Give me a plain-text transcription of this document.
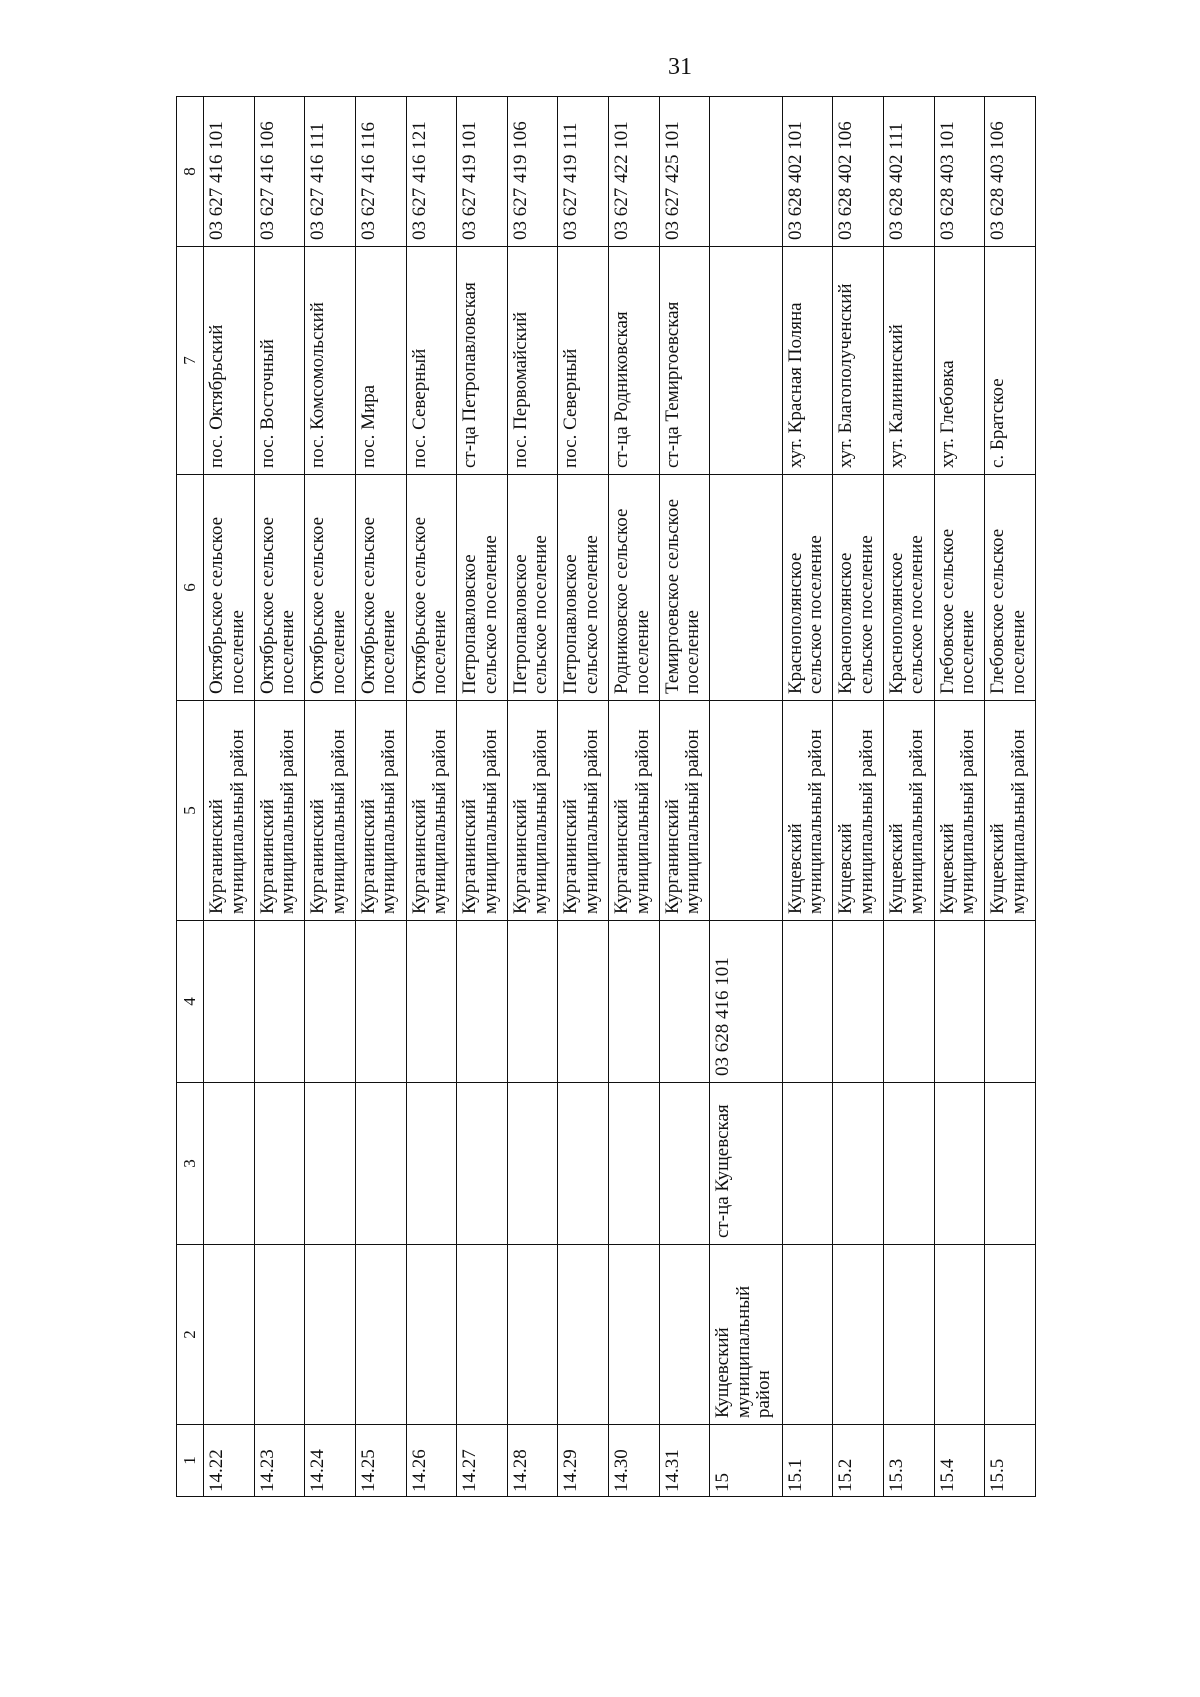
31
1	2	3	4	5	6	7	8
14.22				Курганинский муниципальный район	Октябрьское сельское поселение	пос. Октябрьский	03 627 416 101
14.23				Курганинский муниципальный район	Октябрьское сельское поселение	пос. Восточный	03 627 416 106
14.24				Курганинский муниципальный район	Октябрьское сельское поселение	пос. Комсомольский	03 627 416 111
14.25				Курганинский муниципальный район	Октябрьское сельское поселение	пос. Мира	03 627 416 116
14.26				Курганинский муниципальный район	Октябрьское сельское поселение	пос. Северный	03 627 416 121
14.27				Курганинский муниципальный район	Петропавловское сельское поселение	ст-ца Петропавловская	03 627 419 101
14.28				Курганинский муниципальный район	Петропавловское сельское поселение	пос. Первомайский	03 627 419 106
14.29				Курганинский муниципальный район	Петропавловское сельское поселение	пос. Северный	03 627 419 111
14.30				Курганинский муниципальный район	Родниковское сельское поселение	ст-ца Родниковская	03 627 422 101
14.31				Курганинский муниципальный район	Темиргоевское сельское поселение	ст-ца Темиргоевская	03 627 425 101
15	Кущевский муниципальный район	ст-ца Кущевская	03 628 416 101				
15.1				Кущевский муниципальный район	Краснополянское сельское поселение	хут. Красная Поляна	03 628 402 101
15.2				Кущевский муниципальный район	Краснополянское сельское поселение	хут. Благополученский	03 628 402 106
15.3				Кущевский муниципальный район	Краснополянское сельское поселение	хут. Калининский	03 628 402 111
15.4				Кущевский муниципальный район	Глебовское сельское поселение	хут. Глебовка	03 628 403 101
15.5				Кущевский муниципальный район	Глебовское сельское поселение	с. Братское	03 628 403 106
